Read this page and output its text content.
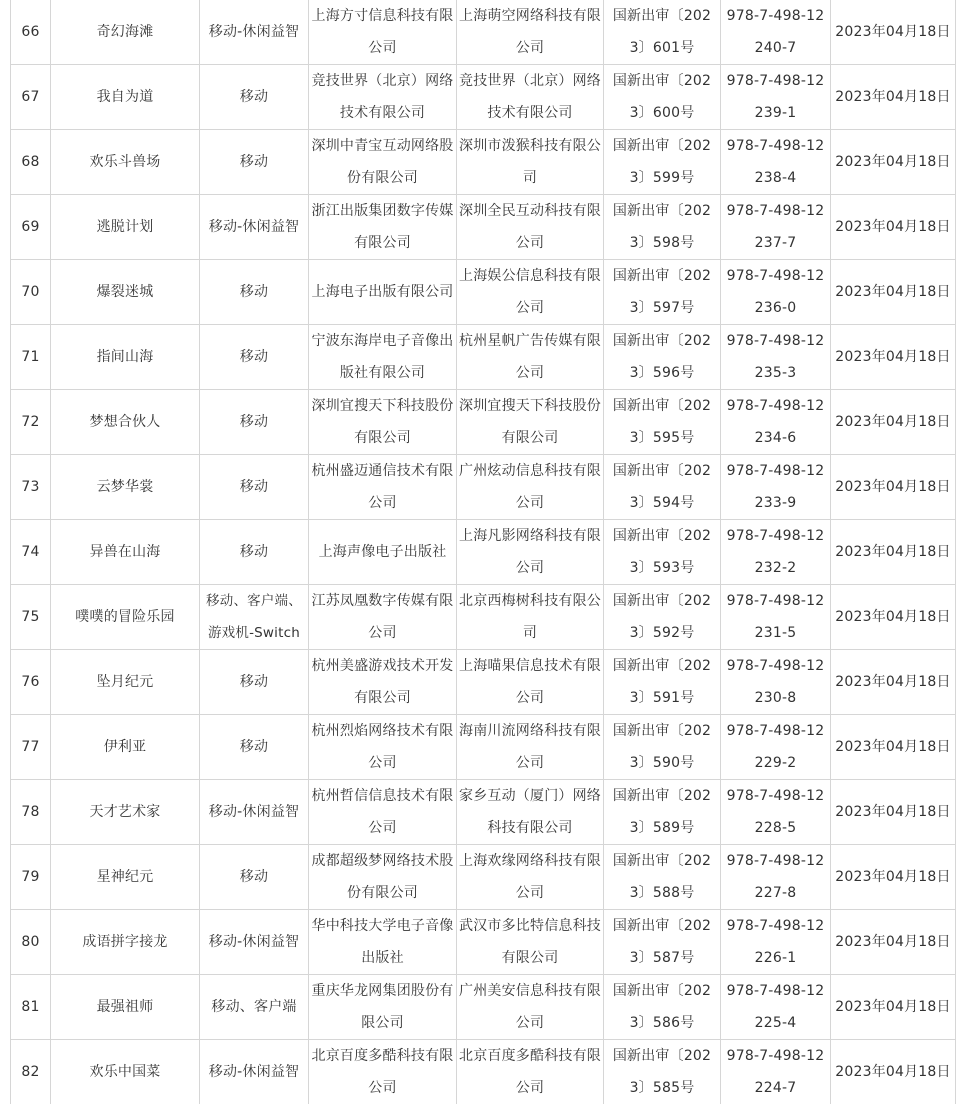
66	奇幻海滩	移动-休闲益智	上海方寸信息科技有限公司	上海萌空网络科技有限公司	国新出审〔2023〕601号	978-7-498-12240-7	2023年04月18日
67	我自为道	移动	竞技世界（北京）网络技术有限公司	竞技世界（北京）网络技术有限公司	国新出审〔2023〕600号	978-7-498-12239-1	2023年04月18日
68	欢乐斗兽场	移动	深圳中青宝互动网络股份有限公司	深圳市泼猴科技有限公司	国新出审〔2023〕599号	978-7-498-12238-4	2023年04月18日
69	逃脱计划	移动-休闲益智	浙江出版集团数字传媒有限公司	深圳全民互动科技有限公司	国新出审〔2023〕598号	978-7-498-12237-7	2023年04月18日
70	爆裂迷城	移动	上海电子出版有限公司	上海娱公信息科技有限公司	国新出审〔2023〕597号	978-7-498-12236-0	2023年04月18日
71	指间山海	移动	宁波东海岸电子音像出版社有限公司	杭州星帆广告传媒有限公司	国新出审〔2023〕596号	978-7-498-12235-3	2023年04月18日
72	梦想合伙人	移动	深圳宜搜天下科技股份有限公司	深圳宜搜天下科技股份有限公司	国新出审〔2023〕595号	978-7-498-12234-6	2023年04月18日
73	云梦华裳	移动	杭州盛迈通信技术有限公司	广州炫动信息科技有限公司	国新出审〔2023〕594号	978-7-498-12233-9	2023年04月18日
74	异兽在山海	移动	上海声像电子出版社	上海凡影网络科技有限公司	国新出审〔2023〕593号	978-7-498-12232-2	2023年04月18日
75	噗噗的冒险乐园	移动、客户端、游戏机-Switch	江苏凤凰数字传媒有限公司	北京西梅树科技有限公司	国新出审〔2023〕592号	978-7-498-12231-5	2023年04月18日
76	坠月纪元	移动	杭州美盛游戏技术开发有限公司	上海喵果信息技术有限公司	国新出审〔2023〕591号	978-7-498-12230-8	2023年04月18日
77	伊利亚	移动	杭州烈焰网络技术有限公司	海南川流网络科技有限公司	国新出审〔2023〕590号	978-7-498-12229-2	2023年04月18日
78	天才艺术家	移动-休闲益智	杭州哲信信息技术有限公司	家乡互动（厦门）网络科技有限公司	国新出审〔2023〕589号	978-7-498-12228-5	2023年04月18日
79	星神纪元	移动	成都超级梦网络技术股份有限公司	上海欢缘网络科技有限公司	国新出审〔2023〕588号	978-7-498-12227-8	2023年04月18日
80	成语拼字接龙	移动-休闲益智	华中科技大学电子音像出版社	武汉市多比特信息科技有限公司	国新出审〔2023〕587号	978-7-498-12226-1	2023年04月18日
81	最强祖师	移动、客户端	重庆华龙网集团股份有限公司	广州美安信息科技有限公司	国新出审〔2023〕586号	978-7-498-12225-4	2023年04月18日
82	欢乐中国菜	移动-休闲益智	北京百度多酷科技有限公司	北京百度多酷科技有限公司	国新出审〔2023〕585号	978-7-498-12224-7	2023年04月18日
